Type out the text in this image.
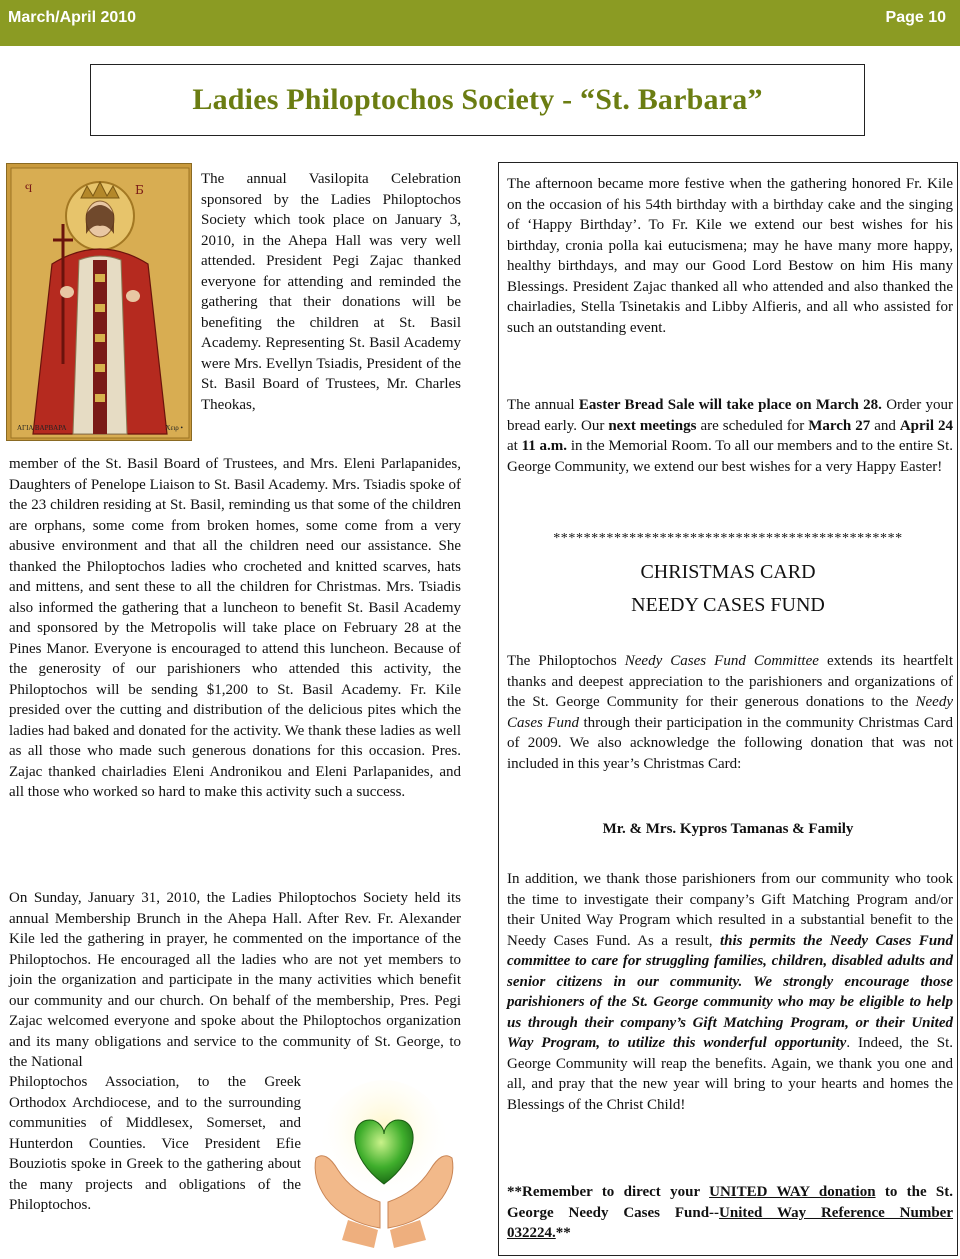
March/April 2010	Page 10
Ladies Philoptochos Society - “St. Barbara”
Б
Ϥ
ΑΓΙΑ ΒΑΡΒΑΡΑ	Χειρ •

The annual Vasilopita Celebration sponsored by the Ladies Philoptochos Society which took place on January 3, 2010, in the Ahepa Hall was very well attended. President Pegi Zajac thanked everyone for attending and reminded the gathering that their donations will be benefiting the children at St. Basil Academy. Representing St. Basil Academy were Mrs. Evellyn Tsiadis, President of the St. Basil Board of Trustees, Mr. Charles Theokas,

member of the St. Basil Board of Trustees, and Mrs. Eleni Parlapanides, Daughters of Penelope Liaison to St. Basil Academy. Mrs. Tsiadis spoke of the 23 children residing at St. Basil, reminding us that some of the children are orphans, some come from broken homes, some come from a very abusive environment and that all the children need our assistance. She thanked the Philoptochos ladies who crocheted and knitted scarves, hats and mittens, and sent these to all the children for Christmas. Mrs. Tsiadis also informed the gathering that a luncheon to benefit St. Basil Academy and sponsored by the Metropolis will take place on February 28 at the Pines Manor. Everyone is encouraged to attend this luncheon. Because of the generosity of our parishioners who attended this activity, the Philoptochos will be sending $1,200 to St. Basil Academy. Fr. Kile presided over the cutting and distribution of the delicious pites which the ladies had baked and donated for the activity. We thank these ladies as well as all those who made such generous donations for this occasion. Pres. Zajac thanked chairladies Eleni Andronikou and Eleni Parlapanides, and all those who worked so hard to make this activity such a success.

On Sunday, January 31, 2010, the Ladies Philoptochos Society held its annual Membership Brunch in the Ahepa Hall. After Rev. Fr. Alexander Kile led the gathering in prayer, he commented on the importance of the Philoptochos. He encouraged all the ladies who are not yet members to join the organization and participate in the many activities which benefit our community and our church. On behalf of the membership, Pres. Pegi Zajac welcomed everyone and spoke about the Philoptochos organization and its many obligations and service to the community of St. George, to the National

Philoptochos Association, to the Greek Orthodox Archdiocese, and to the surrounding communities of Middlesex, Somerset, and Hunterdon Counties. Vice President Efie Bouziotis spoke in Greek to the gathering about the many projects and obligations of the Philoptochos.

The afternoon became more festive when the gathering honored Fr. Kile on the occasion of his 54th birthday with a birthday cake and the singing of ‘Happy Birthday’. To Fr. Kile we extend our best wishes for his birthday, cronia polla kai eutucismena; may he have many more happy, healthy birthdays, and may our Good Lord Bestow on him His many Blessings. President Zajac thanked all who attended and also thanked the chairladies, Stella Tsinetakis and Libby Alfieris, and all who assisted for such an outstanding event.
The annual Easter Bread Sale will take place on March 28. Order your bread early. Our next meetings are scheduled for March 27 and April 24 at 11 a.m. in the Memorial Room. To all our members and to the entire St. George Community, we extend our best wishes for a very Happy Easter!
**********************************************
CHRISTMAS CARD
NEEDY CASES FUND
The Philoptochos Needy Cases Fund Committee extends its heartfelt thanks and deepest appreciation to the parishioners and organizations of the St. George Community for their generous donations to the Needy Cases Fund through their participation in the community Christmas Card of 2009. We also acknowledge the following donation that was not included in this year’s Christmas Card:
Mr. & Mrs. Kypros Tamanas & Family
In addition, we thank those parishioners from our community who took the time to investigate their company’s Gift Matching Program and/or their United Way Program which resulted in a substantial benefit to the Needy Cases Fund. As a result, this permits the Needy Cases Fund committee to care for struggling families, children, disabled adults and senior citizens in our community. We strongly encourage those parishioners of the St. George community who may be eligible to help us through their company’s Gift Matching Program, or their United Way Program, to utilize this wonderful opportunity. Indeed, the St. George Community will reap the benefits. Again, we thank you one and all, and pray that the new year will bring to your hearts and homes the Blessings of the Christ Child!
**Remember to direct your UNITED WAY donation to the St. George Needy Cases Fund--United Way Reference Number 032224.**
